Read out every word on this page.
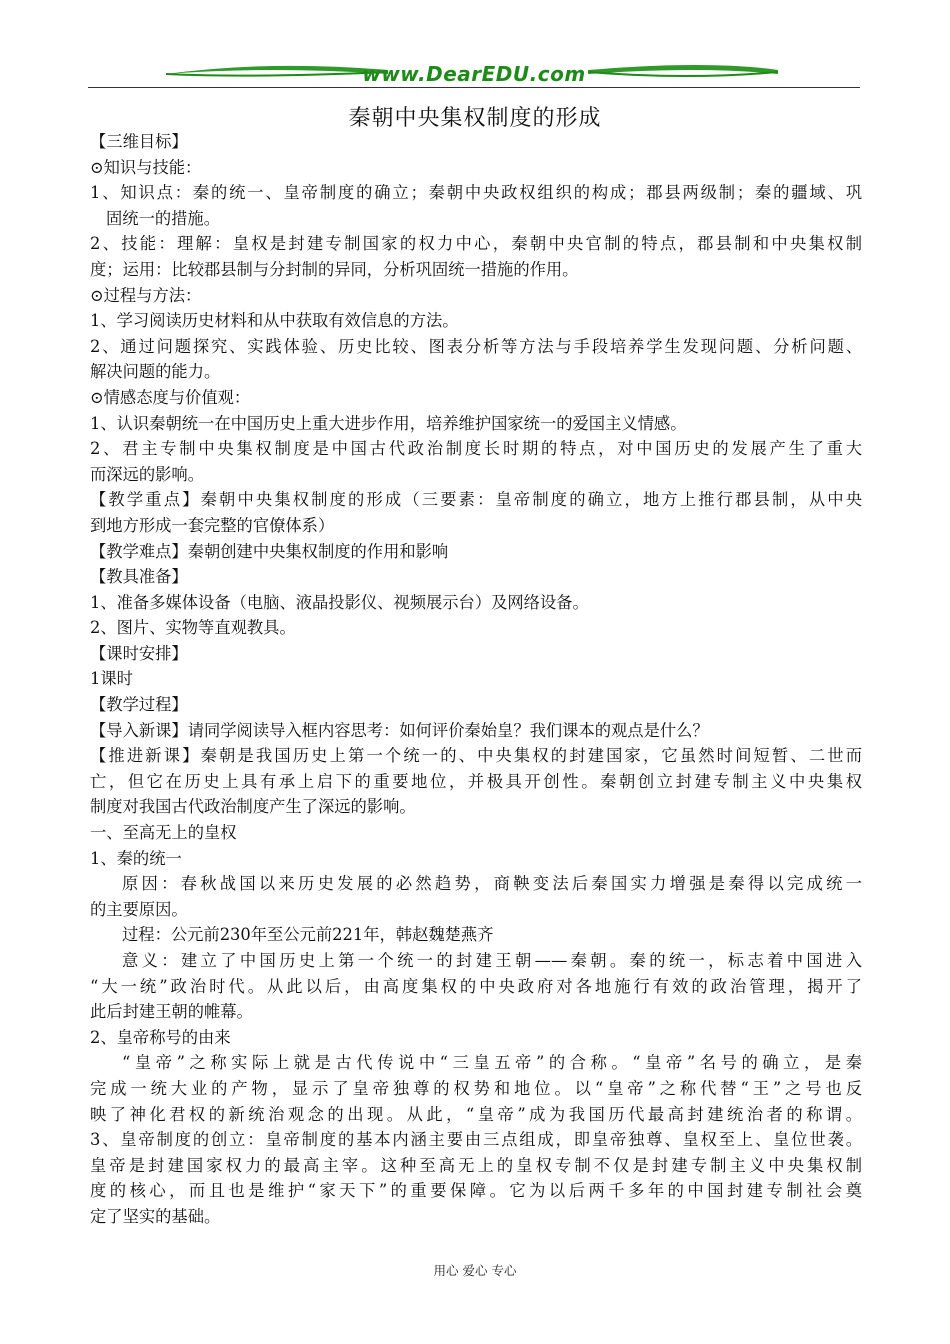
www.DearEDU.com
秦朝中央集权制度的形成
【三维目标】
⊙知识与技能：
1、知识点：秦的统一、皇帝制度的确立；秦朝中央政权组织的构成；郡县两级制；秦的疆域、巩
固统一的措施。
2、技能：理解：皇权是封建专制国家的权力中心，秦朝中央官制的特点，郡县制和中央集权制
度；运用：比较郡县制与分封制的异同，分析巩固统一措施的作用。
⊙过程与方法：
1、学习阅读历史材料和从中获取有效信息的方法。
2、通过问题探究、实践体验、历史比较、图表分析等方法与手段培养学生发现问题、分析问题、
解决问题的能力。
⊙情感态度与价值观：
1、认识秦朝统一在中国历史上重大进步作用，培养维护国家统一的爱国主义情感。
2、君主专制中央集权制度是中国古代政治制度长时期的特点，对中国历史的发展产生了重大
而深远的影响。
【教学重点】秦朝中央集权制度的形成（三要素：皇帝制度的确立，地方上推行郡县制，从中央
到地方形成一套完整的官僚体系）
【教学难点】秦朝创建中央集权制度的作用和影响
【教具准备】
1、准备多媒体设备（电脑、液晶投影仪、视频展示台）及网络设备。
2、图片、实物等直观教具。
【课时安排】
1课时
【教学过程】
【导入新课】请同学阅读导入框内容思考：如何评价秦始皇？我们课本的观点是什么？
【推进新课】秦朝是我国历史上第一个统一的、中央集权的封建国家，它虽然时间短暂、二世而
亡，但它在历史上具有承上启下的重要地位，并极具开创性。秦朝创立封建专制主义中央集权
制度对我国古代政治制度产生了深远的影响。
一、至高无上的皇权
1、秦的统一
原因：春秋战国以来历史发展的必然趋势，商鞅变法后秦国实力增强是秦得以完成统一
的主要原因。
过程：公元前230年至公元前221年，韩赵魏楚燕齐
意义：建立了中国历史上第一个统一的封建王朝——秦朝。秦的统一，标志着中国进入
“大一统”政治时代。从此以后，由高度集权的中央政府对各地施行有效的政治管理，揭开了
此后封建王朝的帷幕。
2、皇帝称号的由来
“皇帝”之称实际上就是古代传说中“三皇五帝”的合称。“皇帝”名号的确立，是秦
完成一统大业的产物，显示了皇帝独尊的权势和地位。以“皇帝”之称代替“王”之号也反
映了神化君权的新统治观念的出现。从此，“皇帝”成为我国历代最高封建统治者的称谓。
3、皇帝制度的创立：皇帝制度的基本内涵主要由三点组成，即皇帝独尊、皇权至上、皇位世袭。
皇帝是封建国家权力的最高主宰。这种至高无上的皇权专制不仅是封建专制主义中央集权制
度的核心，而且也是维护“家天下”的重要保障。它为以后两千多年的中国封建专制社会奠
定了坚实的基础。
用心 爱心 专心
